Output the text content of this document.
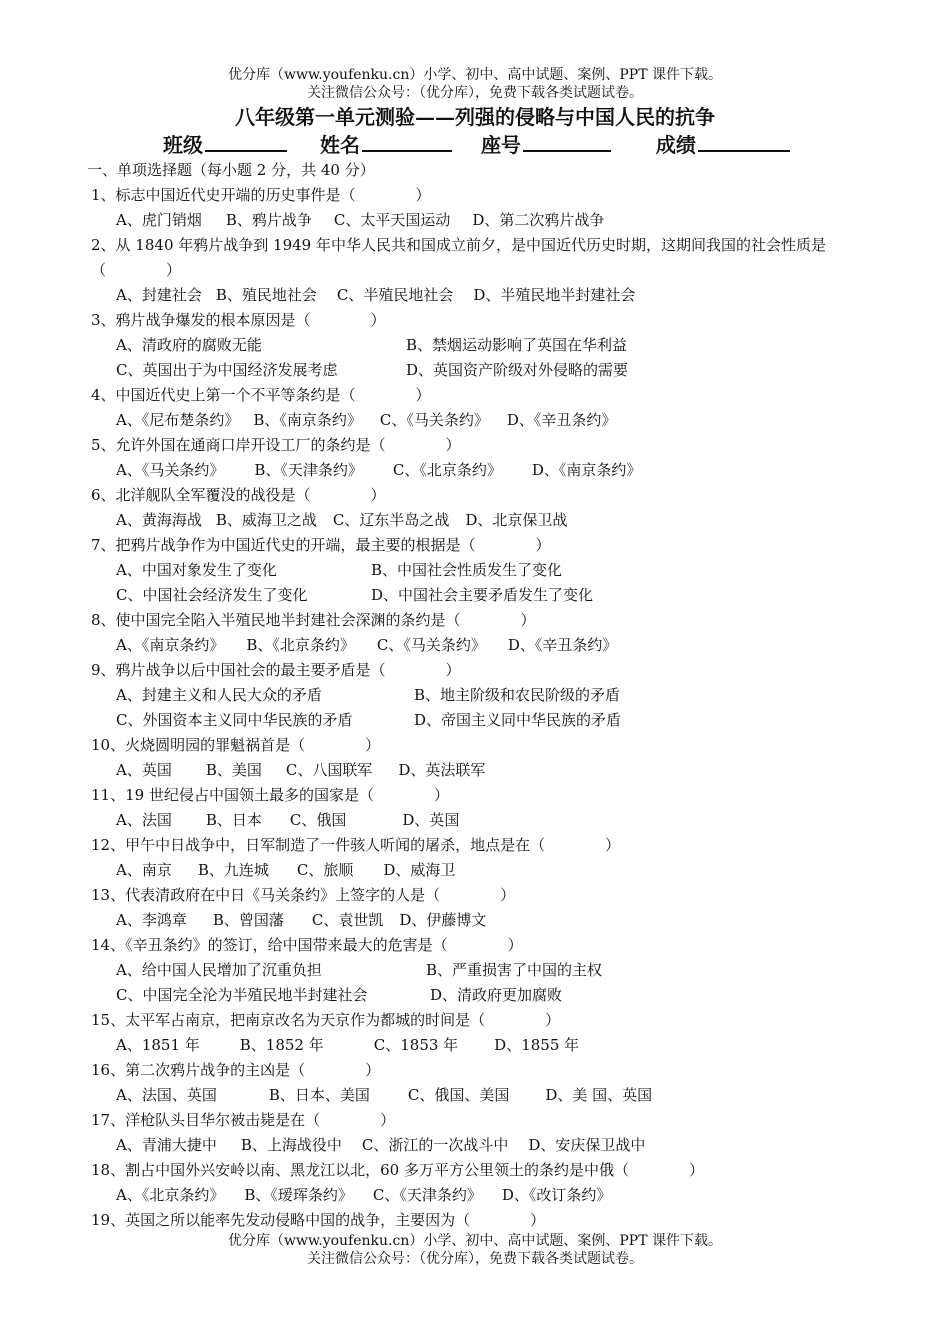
优分库（www.youfenku.cn）小学、初中、高中试题、案例、PPT 课件下载。
关注微信公众号：（优分库），免费下载各类试题试卷。
八年级第一单元测验——列强的侵略与中国人民的抗争
班级	姓名	座号	成绩
一、单项选择题（每小题 2 分，共 40 分）
1、标志中国近代史开端的历史事件是（　　　　）
A、虎门销烟 B、鸦片战争 C、太平天国运动 D、第二次鸦片战争
2、从 1840 年鸦片战争到 1949 年中华人民共和国成立前夕，是中国近代历史时期，这期间我国的社会性质是（　　　　）
A、封建社会 B、殖民地社会 C、半殖民地社会 D、半殖民地半封建社会
3、鸦片战争爆发的根本原因是（　　　　）
A、清政府的腐败无能	B、禁烟运动影响了英国在华利益
C、英国出于为中国经济发展考虑	D、英国资产阶级对外侵略的需要
4、中国近代史上第一个不平等条约是（　　　　）
A、《尼布楚条约》 B、《南京条约》 C、《马关条约》 D、《辛丑条约》
5、允许外国在通商口岸开设工厂的条约是（　　　　）
A、《马关条约》 B、《天津条约》 C、《北京条约》 D、《南京条约》
6、北洋舰队全军覆没的战役是（　　　　）
A、黄海海战 B、威海卫之战 C、辽东半岛之战 D、北京保卫战
7、把鸦片战争作为中国近代史的开端，最主要的根据是（　　　　）
A、中国对象发生了变化	B、中国社会性质发生了变化
C、中国社会经济发生了变化	D、中国社会主要矛盾发生了变化
8、使中国完全陷入半殖民地半封建社会深渊的条约是（　　　　）
A、《南京条约》 B、《北京条约》 C、《马关条约》 D、《辛丑条约》
9、鸦片战争以后中国社会的最主要矛盾是（　　　　）
A、封建主义和人民大众的矛盾	B、地主阶级和农民阶级的矛盾
C、外国资本主义同中华民族的矛盾	D、帝国主义同中华民族的矛盾
10、火烧圆明园的罪魁祸首是（　　　　）
A、英国 B、美国 C、八国联军 D、英法联军
11、19 世纪侵占中国领土最多的国家是（　　　　）
A、法国 B、日本 C、俄国	D、英国
12、甲午中日战争中，日军制造了一件骇人听闻的屠杀，地点是在（　　　　）
A、南京 B、九连城 C、旅顺 D、威海卫
13、代表清政府在中日《马关条约》上签字的人是（　　　　）
A、李鸿章 B、曾国藩 C、袁世凯 D、伊藤博文
14、《辛丑条约》的签订，给中国带来最大的危害是（　　　　）
A、给中国人民增加了沉重负担	B、严重损害了中国的主权
C、中国完全沦为半殖民地半封建社会	D、清政府更加腐败
15、太平军占南京，把南京改名为天京作为都城的时间是（　　　　）
A、1851 年	B、1852 年	C、1853 年 D、1855 年
16、第二次鸦片战争的主凶是（　　　　）
A、法国、英国	B、日本、美国	C、俄国、美国 D、美 国、英国
17、洋枪队头目华尔被击毙是在（　　　　）
A、青浦大捷中 B、上海战役中 C、浙江的一次战斗中 D、安庆保卫战中
18、割占中国外兴安岭以南、黑龙江以北，60 多万平方公里领土的条约是中俄（　　　　）
A、《北京条约》 B、《瑷珲条约》 C、《天津条约》 D、《改订条约》
19、英国之所以能率先发动侵略中国的战争，主要因为（　　　　）
优分库（www.youfenku.cn）小学、初中、高中试题、案例、PPT 课件下载。
关注微信公众号：（优分库），免费下载各类试题试卷。
